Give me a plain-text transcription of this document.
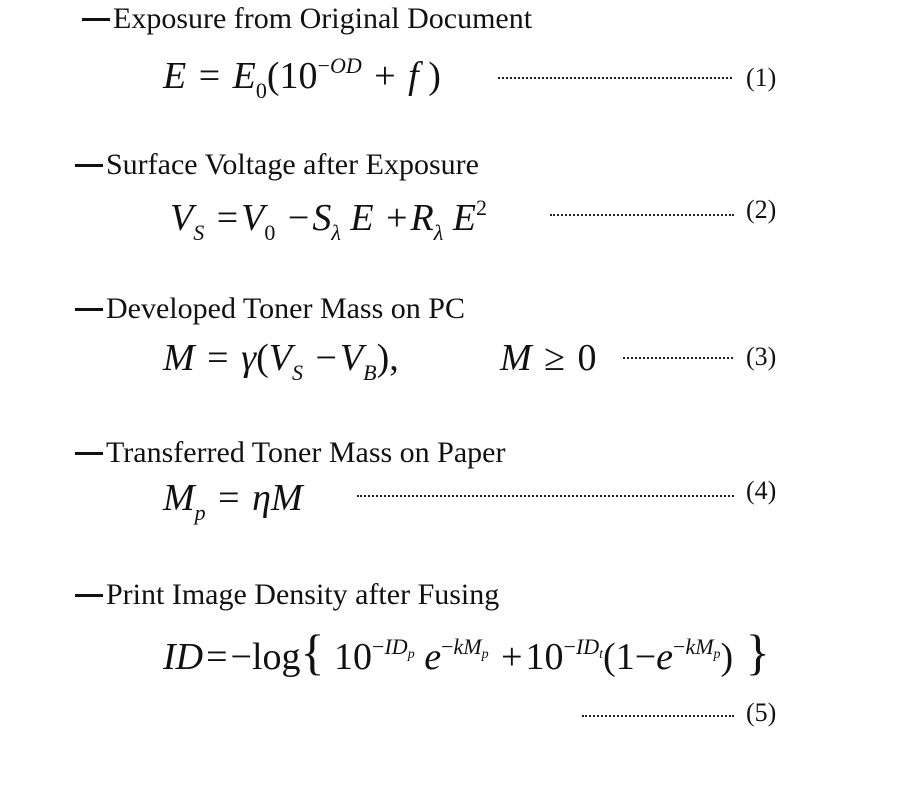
Exposure from Original Document
$E = E_0(10^{-OD} + f$ )	(1)
Surface Voltage after Exposure
$V_S =V_0 -S_\lambda$ $E +R_\lambda$ $E^2$	(2)
Developed Toner Mass on PC
$M = \gamma(V_S -V_B)$,	M ≥ 0	(3)
Transferred Toner Mass on Paper
$M_p = \eta M$	(4)
Print Image Density after Fusing
ID=−log{ $10^{-ID_p}$ $e^{-kM_p} +10^{-ID_t}(1-e^{-kM_p})$ }
(5)
